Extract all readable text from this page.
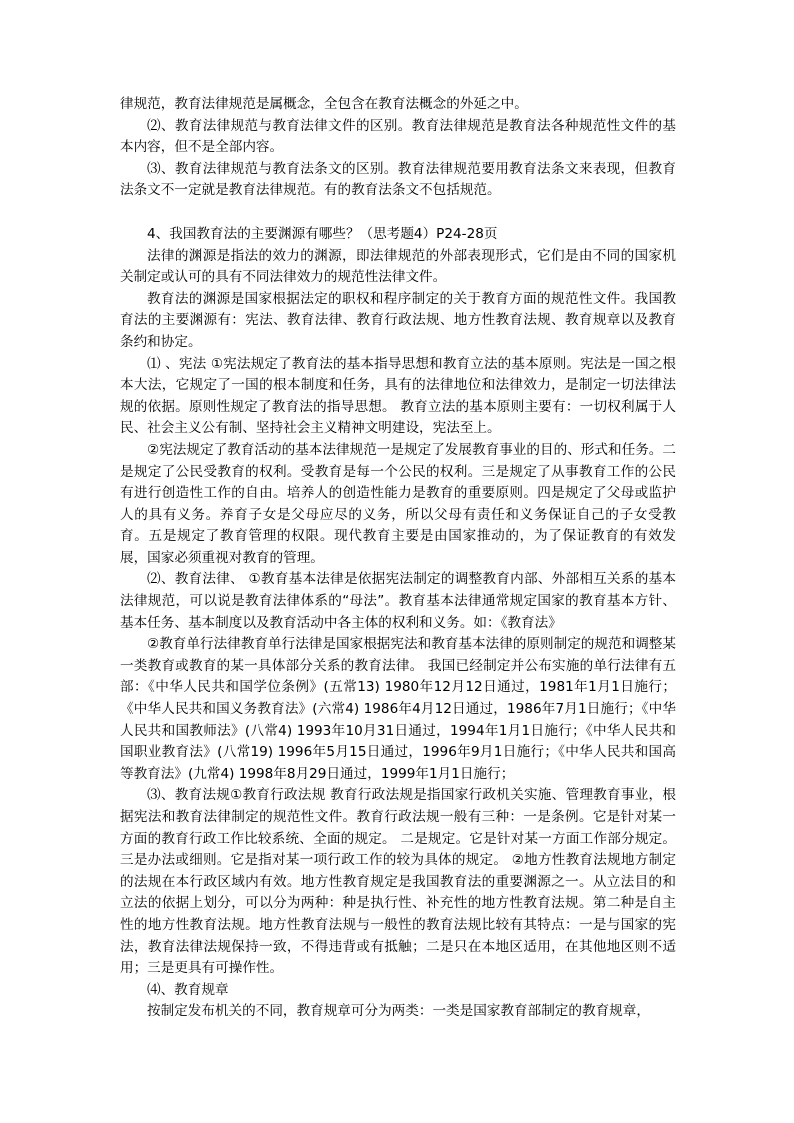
律规范，教育法律规范是属概念，全包含在教育法概念的外延之中。

⑵、教育法律规范与教育法律文件的区别。教育法律规范是教育法各种规范性文件的基本内容，但不是全部内容。

⑶、教育法律规范与教育法条文的区别。教育法律规范要用教育法条文来表现，但教育法条文不一定就是教育法律规范。有的教育法条文不包括规范。

4、我国教育法的主要渊源有哪些？（思考题4）P24-28页

法律的渊源是指法的效力的渊源，即法律规范的外部表现形式，它们是由不同的国家机关制定或认可的具有不同法律效力的规范性法律文件。

教育法的渊源是国家根据法定的职权和程序制定的关于教育方面的规范性文件。我国教育法的主要渊源有：宪法、教育法律、教育行政法规、地方性教育法规、教育规章以及教育条约和协定。

⑴ 、宪法 ①宪法规定了教育法的基本指导思想和教育立法的基本原则。宪法是一国之根本大法，它规定了一国的根本制度和任务，具有的法律地位和法律效力，是制定一切法律法规的依据。原则性规定了教育法的指导思想。 教育立法的基本原则主要有：一切权利属于人民、社会主义公有制、坚持社会主义精神文明建设，宪法至上。

②宪法规定了教育活动的基本法律规范一是规定了发展教育事业的目的、形式和任务。二是规定了公民受教育的权利。受教育是每一个公民的权利。三是规定了从事教育工作的公民有进行创造性工作的自由。培养人的创造性能力是教育的重要原则。四是规定了父母或监护人的具有义务。养育子女是父母应尽的义务，所以父母有责任和义务保证自己的子女受教育。五是规定了教育管理的权限。现代教育主要是由国家推动的，为了保证教育的有效发展，国家必须重视对教育的管理。

⑵、教育法律、 ①教育基本法律是依据宪法制定的调整教育内部、外部相互关系的基本法律规范，可以说是教育法律体系的“母法”。教育基本法律通常规定国家的教育基本方针、基本任务、基本制度以及教育活动中各主体的权利和义务。如：《教育法》

②教育单行法律教育单行法律是国家根据宪法和教育基本法律的原则制定的规范和调整某一类教育或教育的某一具体部分关系的教育法律。 我国已经制定并公布实施的单行法律有五部：《中华人民共和国学位条例》(五常13) 1980年12月12日通过，1981年1月1日施行；《中华人民共和国义务教育法》(六常4) 1986年4月12日通过，1986年7月1日施行；《中华人民共和国教师法》(八常4) 1993年10月31日通过，1994年1月1日施行；《中华人民共和国职业教育法》(八常19) 1996年5月15日通过，1996年9月1日施行；《中华人民共和国高等教育法》(九常4) 1998年8月29日通过，1999年1月1日施行；

⑶、教育法规①教育行政法规 教育行政法规是指国家行政机关实施、管理教育事业，根据宪法和教育法律制定的规范性文件。教育行政法规一般有三种：一是条例。它是针对某一方面的教育行政工作比较系统、全面的规定。 二是规定。它是针对某一方面工作部分规定。三是办法或细则。它是指对某一项行政工作的较为具体的规定。 ②地方性教育法规地方制定的法规在本行政区域内有效。地方性教育规定是我国教育法的重要渊源之一。从立法目的和立法的依据上划分，可以分为两种：种是执行性、补充性的地方性教育法规。第二种是自主性的地方性教育法规。地方性教育法规与一般性的教育法规比较有其特点：一是与国家的宪法，教育法律法规保持一致，不得违背或有抵触；二是只在本地区适用，在其他地区则不适用；三是更具有可操作性。

⑷、教育规章

按制定发布机关的不同，教育规章可分为两类：一类是国家教育部制定的教育规章，
